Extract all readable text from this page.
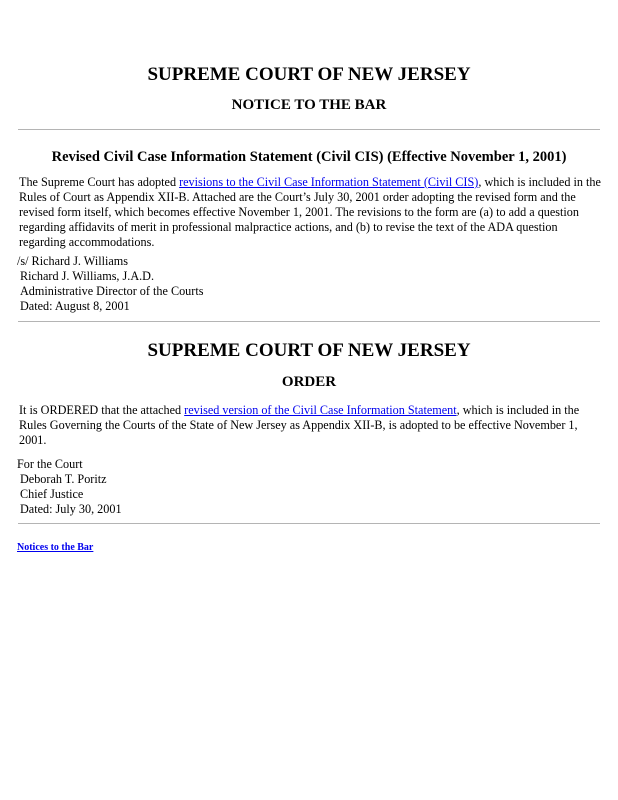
SUPREME COURT OF NEW JERSEY
NOTICE TO THE BAR
Revised Civil Case Information Statement (Civil CIS) (Effective November 1, 2001)

The Supreme Court has adopted revisions to the Civil Case Information Statement (Civil CIS), which is included in the Rules of Court as Appendix XII-B. Attached are the Court’s July 30, 2001 order adopting the revised form and the revised form itself, which becomes effective November 1, 2001. The revisions to the form are (a) to add a question regarding affidavits of merit in professional malpractice actions, and (b) to revise the text of the ADA question regarding accommodations.

/s/ Richard J. Williams
Richard J. Williams, J.A.D.
Administrative Director of the Courts
Dated: August 8, 2001
SUPREME COURT OF NEW JERSEY
ORDER

It is ORDERED that the attached revised version of the Civil Case Information Statement, which is included in the Rules Governing the Courts of the State of New Jersey as Appendix XII-B, is adopted to be effective November 1, 2001.

For the Court
Deborah T. Poritz
Chief Justice
Dated: July 30, 2001
Notices to the Bar
